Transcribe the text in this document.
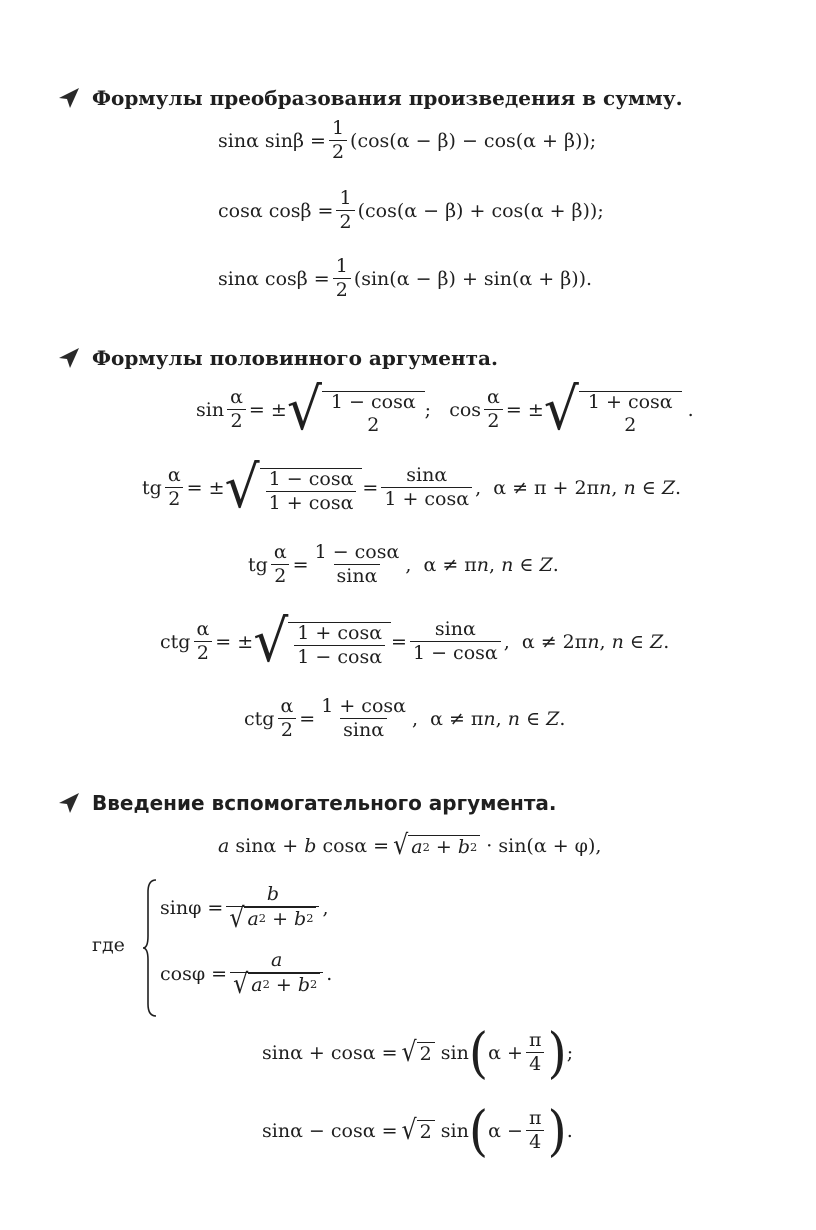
Формулы преобразования произведения в сумму.
sinα $\sin\beta = \frac{1}{2} (\cos(\alpha - \beta) - \cos(\alpha + \beta))$;
cosα $\cos\beta = \frac{1}{2} (\cos(\alpha - \beta) + \cos(\alpha + \beta))$;
sinα $\cos\beta = \frac{1}{2} (\sin(\alpha - \beta) + \sin(\alpha + \beta))$.
Формулы половинного аргумента.
$\sin \frac{\alpha}{2}$ = ± √ 1 − cosα
2
;   $\cos \frac{\alpha}{2}$ = ± √ 1 + cosα
2
.
tg $\frac{\alpha}{2}$ = ± √ 1 − cosα
1 + cosα
= $\frac{\sin\alpha}{1 + \cos\alpha}$ ,  α ≠ π + 2πn, n ∈ Z.
tg $\frac{\alpha}{2} = \frac{1 - \cos\alpha}{\sin\alpha}$ ,  α ≠ πn, n ∈ Z.
ctg $\frac{\alpha}{2}$ = ± √ 1 + cosα
1 − cosα
= $\frac{\sin\alpha}{1 - \cos\alpha}$ ,  α ≠ 2πn, n ∈ Z.
ctg $\frac{\alpha}{2} = \frac{1 + \cos\alpha}{\sin\alpha}$ ,  α ≠ πn, n ∈ Z.
Введение вспомогательного аргумента.
a sinα + b cosα = √ a 2 + b 2 · sin(α + φ),
где
$\sin\varphi = \frac{b}{√ a 2 + b 2}$ ,
$\cos\varphi = \frac{a}{√ a 2 + b 2}$ .
sinα + cosα = √ 2 sin ( $\alpha + \frac{\pi}{4}$ ) ;
sinα − cosα = √ 2 sin ( $\alpha - \frac{\pi}{4}$ ) .
